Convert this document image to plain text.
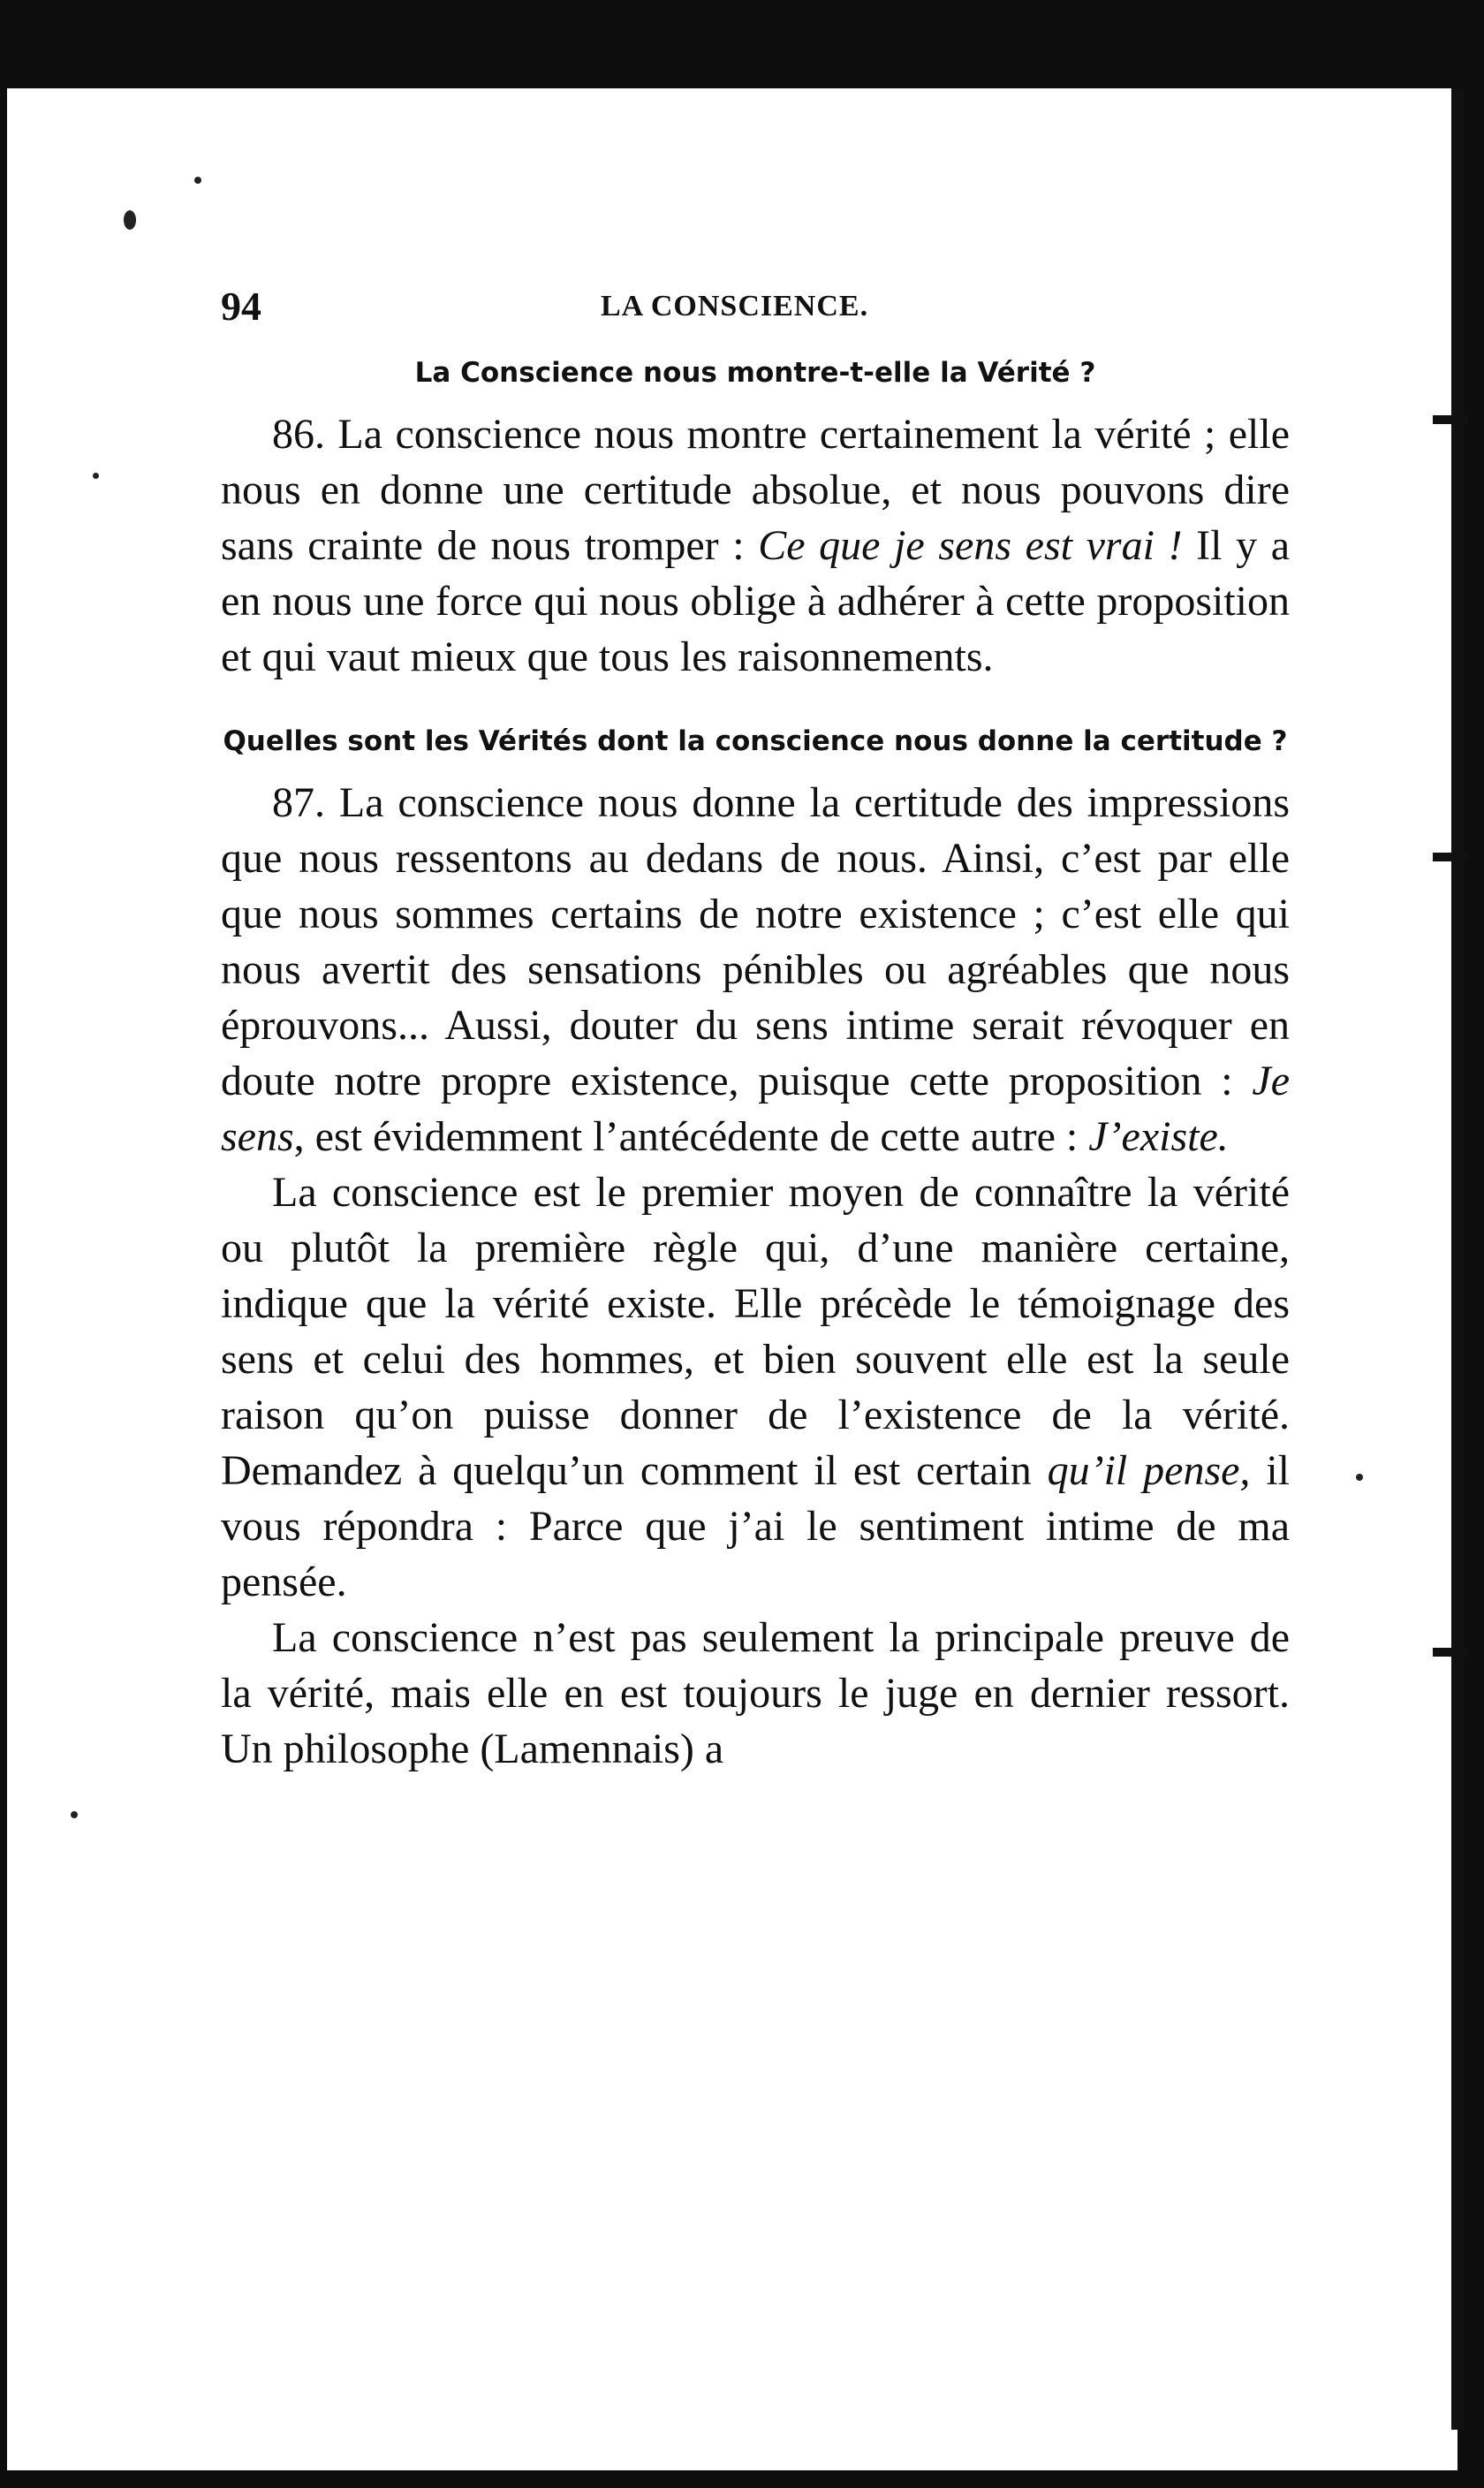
94	LA CONSCIENCE.
La Conscience nous montre-t-elle la Vérité ?

86. La conscience nous montre certainement la vérité ; elle nous en donne une certitude absolue, et nous pouvons dire sans crainte de nous tromper : Ce que je sens est vrai ! Il y a en nous une force qui nous oblige à adhérer à cette proposition et qui vaut mieux que tous les raisonnements.

Quelles sont les Vérités dont la conscience nous donne la certitude ?

87. La conscience nous donne la certitude des impressions que nous ressentons au dedans de nous. Ainsi, c’est par elle que nous sommes certains de notre existence ; c’est elle qui nous avertit des sensations pénibles ou agréables que nous éprouvons... Aussi, douter du sens intime serait révoquer en doute notre propre existence, puisque cette proposition : Je sens, est évidemment l’antécédente de cette autre : J’existe.

La conscience est le premier moyen de connaître la vérité ou plutôt la première règle qui, d’une manière certaine, indique que la vérité existe. Elle précède le témoignage des sens et celui des hommes, et bien souvent elle est la seule raison qu’on puisse donner de l’existence de la vérité. Demandez à quelqu’un comment il est certain qu’il pense, il vous répondra : Parce que j’ai le sentiment intime de ma pensée.

La conscience n’est pas seulement la principale preuve de la vérité, mais elle en est toujours le juge en dernier ressort. Un philosophe (Lamennais) a
